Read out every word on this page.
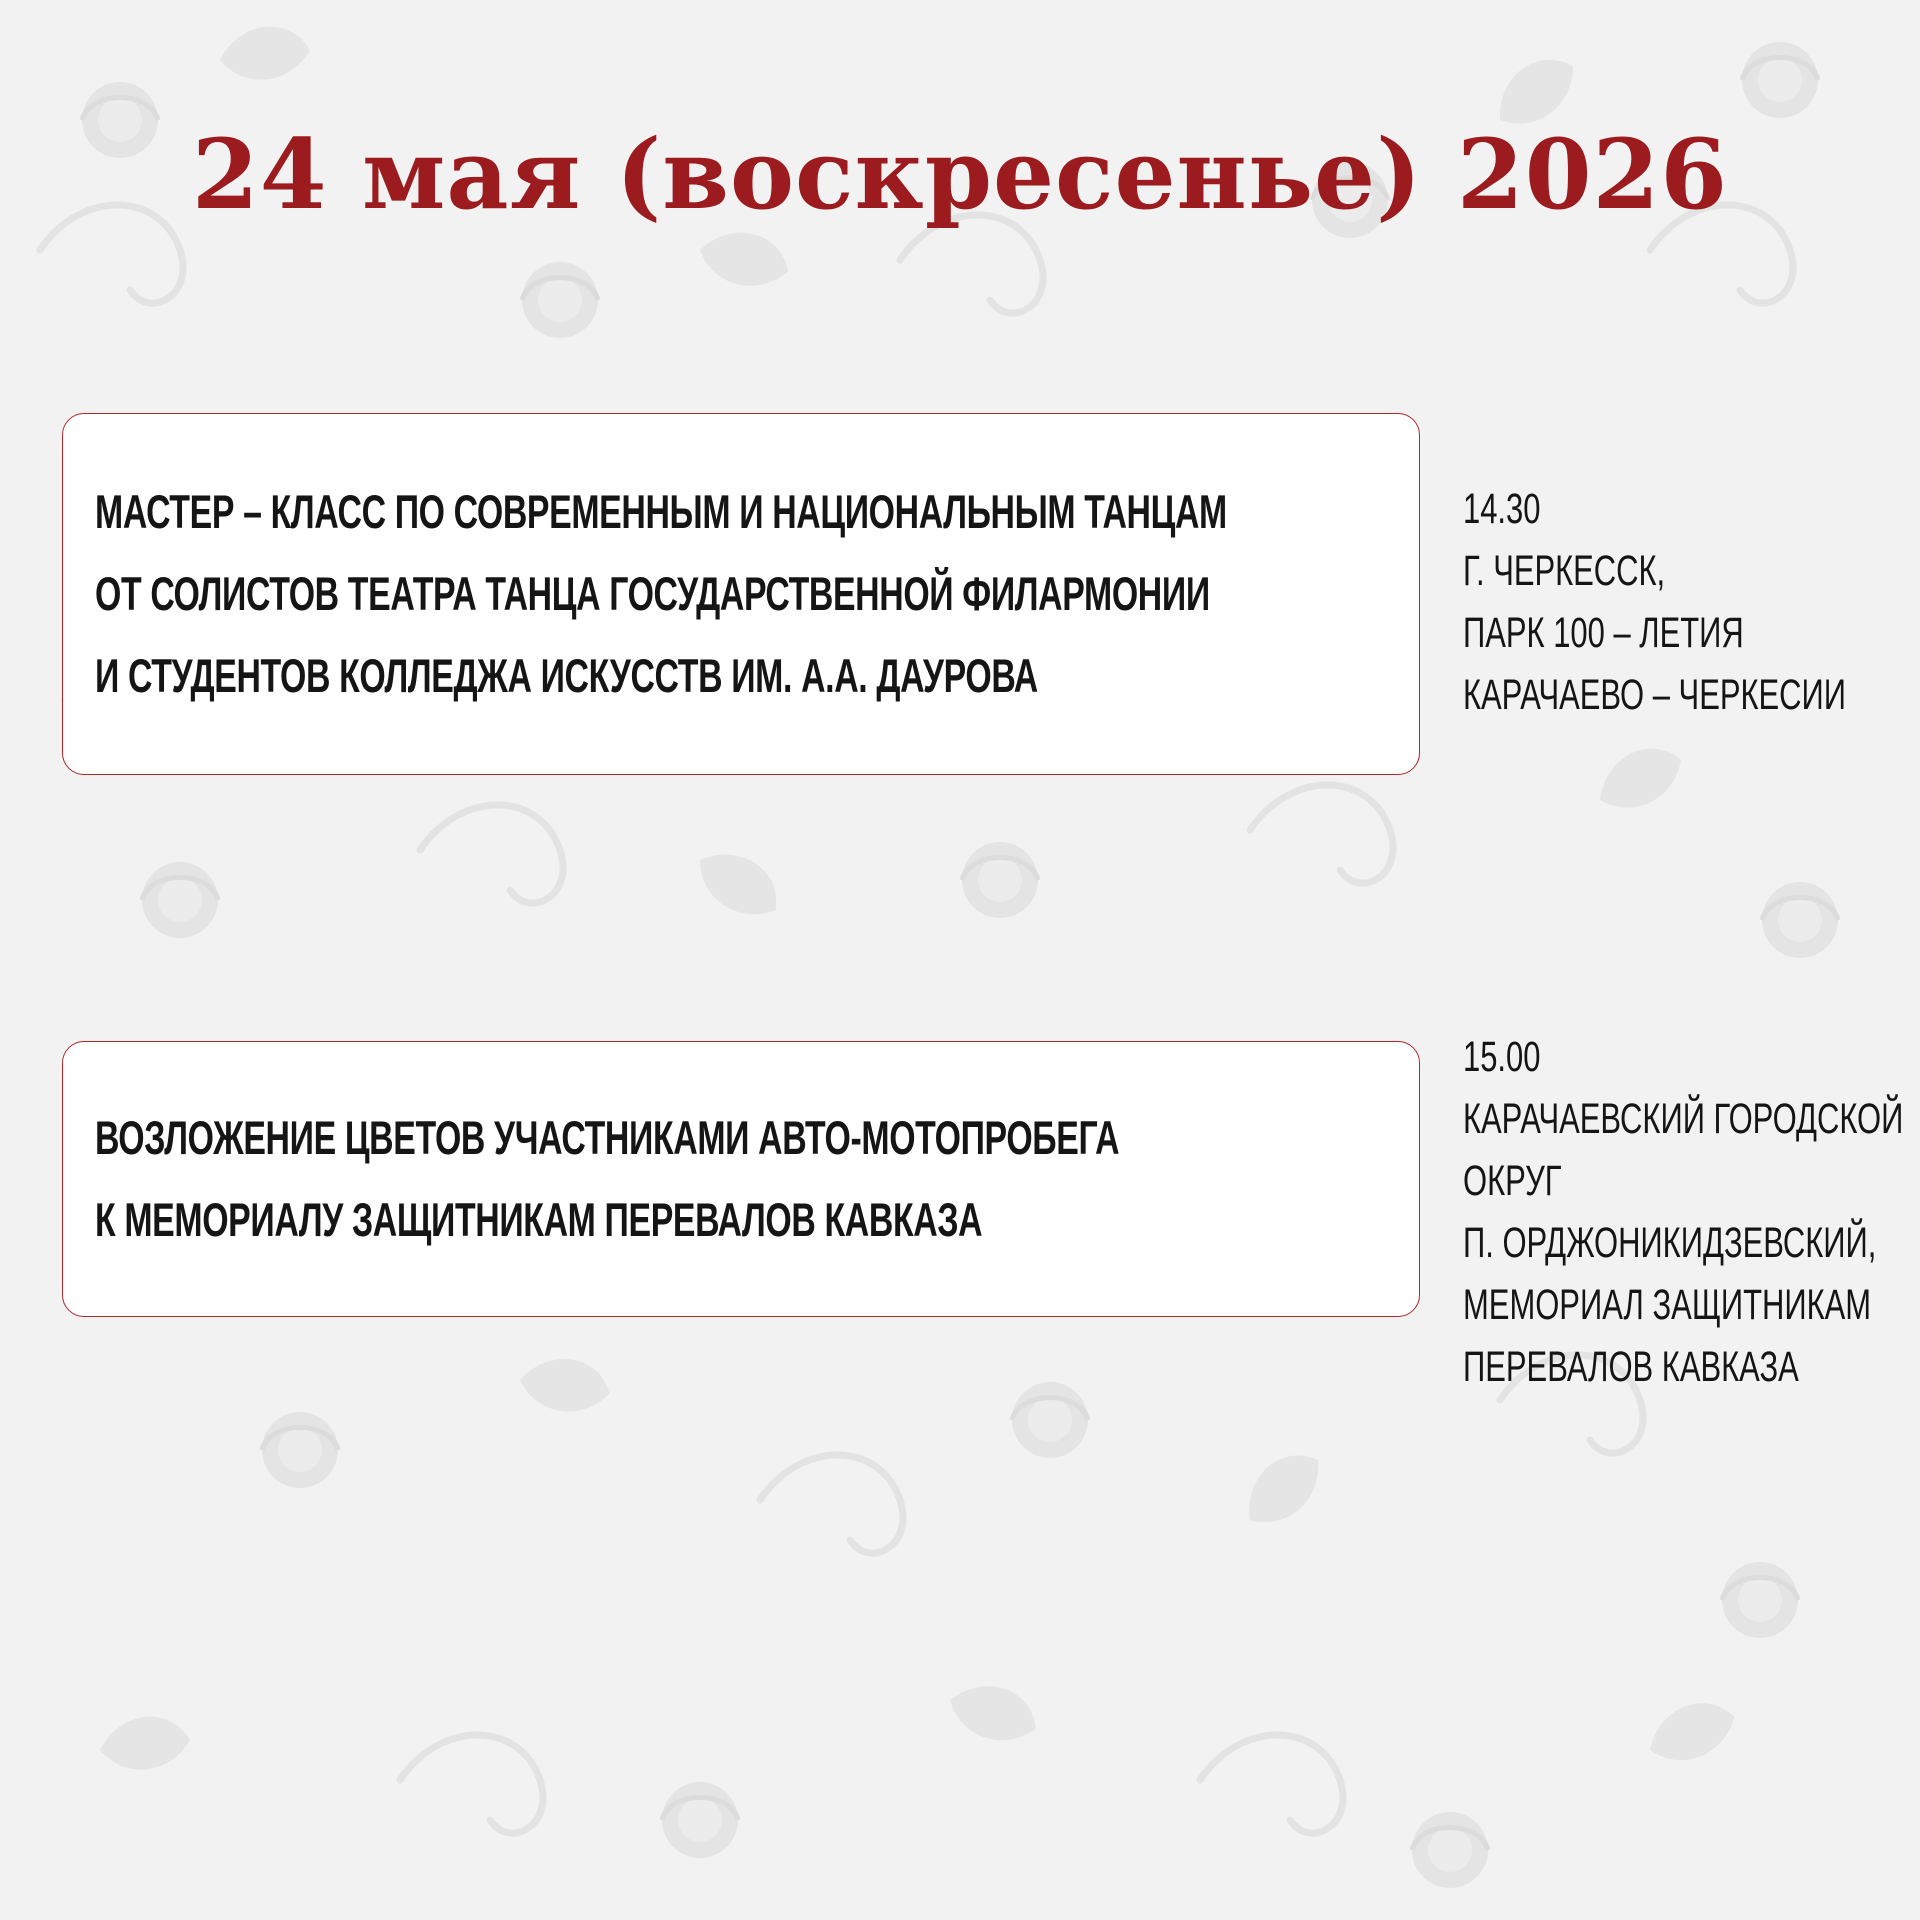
24 мая (воскресенье) 2026
МАСТЕР – КЛАСС ПО СОВРЕМЕННЫМ И НАЦИОНАЛЬНЫМ ТАНЦАМ
ОТ СОЛИСТОВ ТЕАТРА ТАНЦА ГОСУДАРСТВЕННОЙ ФИЛАРМОНИИ
И СТУДЕНТОВ КОЛЛЕДЖА ИСКУССТВ ИМ. А.А. ДАУРОВА
14.30
Г. ЧЕРКЕССК,
ПАРК 100 – ЛЕТИЯ
КАРАЧАЕВО – ЧЕРКЕСИИ
ВОЗЛОЖЕНИЕ ЦВЕТОВ УЧАСТНИКАМИ АВТО-МОТОПРОБЕГА
К МЕМОРИАЛУ ЗАЩИТНИКАМ ПЕРЕВАЛОВ КАВКАЗА
15.00
КАРАЧАЕВСКИЙ ГОРОДСКОЙ
ОКРУГ
П. ОРДЖОНИКИДЗЕВСКИЙ,
МЕМОРИАЛ ЗАЩИТНИКАМ
ПЕРЕВАЛОВ КАВКАЗА
